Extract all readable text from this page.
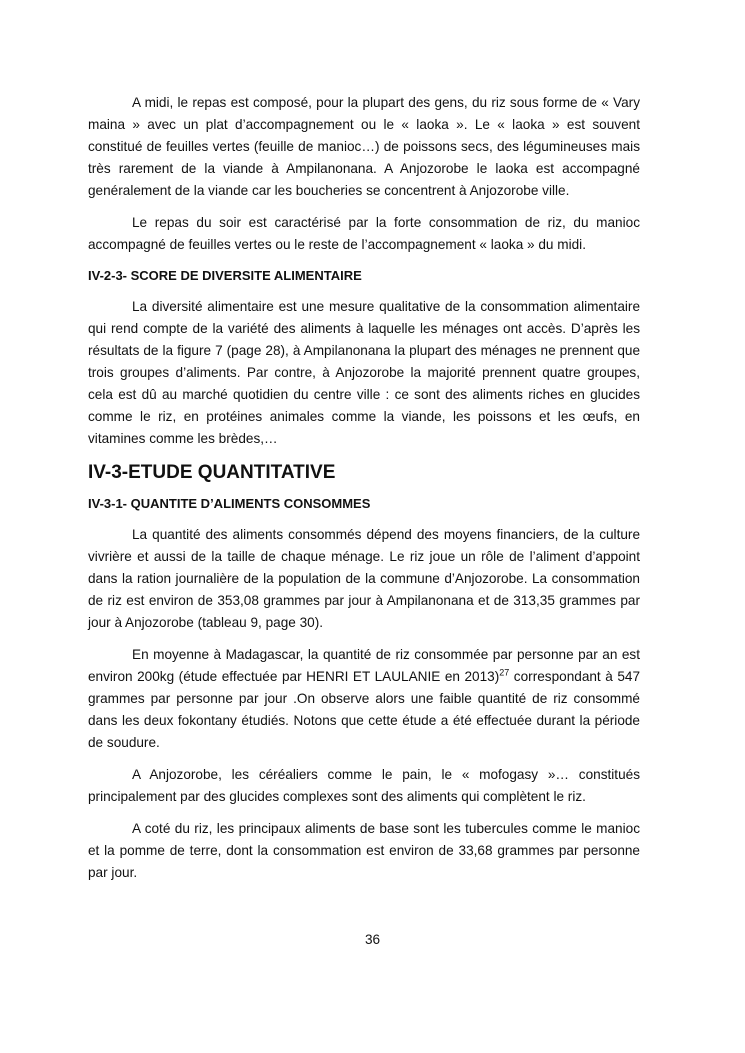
A midi, le repas est composé, pour la plupart des gens, du riz sous forme de « Vary maina » avec un plat d’accompagnement ou le « laoka ». Le « laoka » est souvent constitué de feuilles vertes (feuille de manioc…) de poissons secs, des légumineuses mais très rarement de la viande à Ampilanonana. A Anjozorobe le laoka est accompagné genéralement de la viande car les boucheries se concentrent à Anjozorobe ville.

Le repas du soir est caractérisé par la forte consommation de riz, du manioc accompagné de feuilles vertes ou le reste de l’accompagnement « laoka » du midi.

IV-2-3- SCORE DE DIVERSITE ALIMENTAIRE

La diversité alimentaire est une mesure qualitative de la consommation alimentaire qui rend compte de la variété des aliments à laquelle les ménages ont accès. D’après les résultats de la figure 7 (page 28), à Ampilanonana la plupart des ménages ne prennent que trois groupes d’aliments. Par contre, à Anjozorobe la majorité prennent quatre groupes, cela est dû au marché quotidien du centre ville : ce sont des aliments riches en glucides comme le riz, en protéines animales comme la viande, les poissons et les œufs, en vitamines comme les brèdes,…

IV-3-ETUDE QUANTITATIVE
IV-3-1- QUANTITE D’ALIMENTS CONSOMMES

La quantité des aliments consommés dépend des moyens financiers, de la culture vivrière et aussi de la taille de chaque ménage. Le riz joue un rôle de l’aliment d’appoint dans la ration journalière de la population de la commune d’Anjozorobe. La consommation de riz est environ de 353,08 grammes par jour à Ampilanonana et de 313,35 grammes par jour à Anjozorobe (tableau 9, page 30).

En moyenne à Madagascar, la quantité de riz consommée par personne par an est environ 200kg (étude effectuée par HENRI ET LAULANIE en 2013)$^{27}$ correspondant à 547 grammes par personne par jour .On observe alors une faible quantité de riz consommé dans les deux fokontany étudiés. Notons que cette étude a été effectuée durant la période de soudure.

A Anjozorobe, les céréaliers comme le pain, le « mofogasy »… constitués principalement par des glucides complexes sont des aliments qui complètent le riz.

A coté du riz, les principaux aliments de base sont les tubercules comme le manioc et la pomme de terre, dont la consommation est environ de 33,68 grammes par personne par jour.

36
